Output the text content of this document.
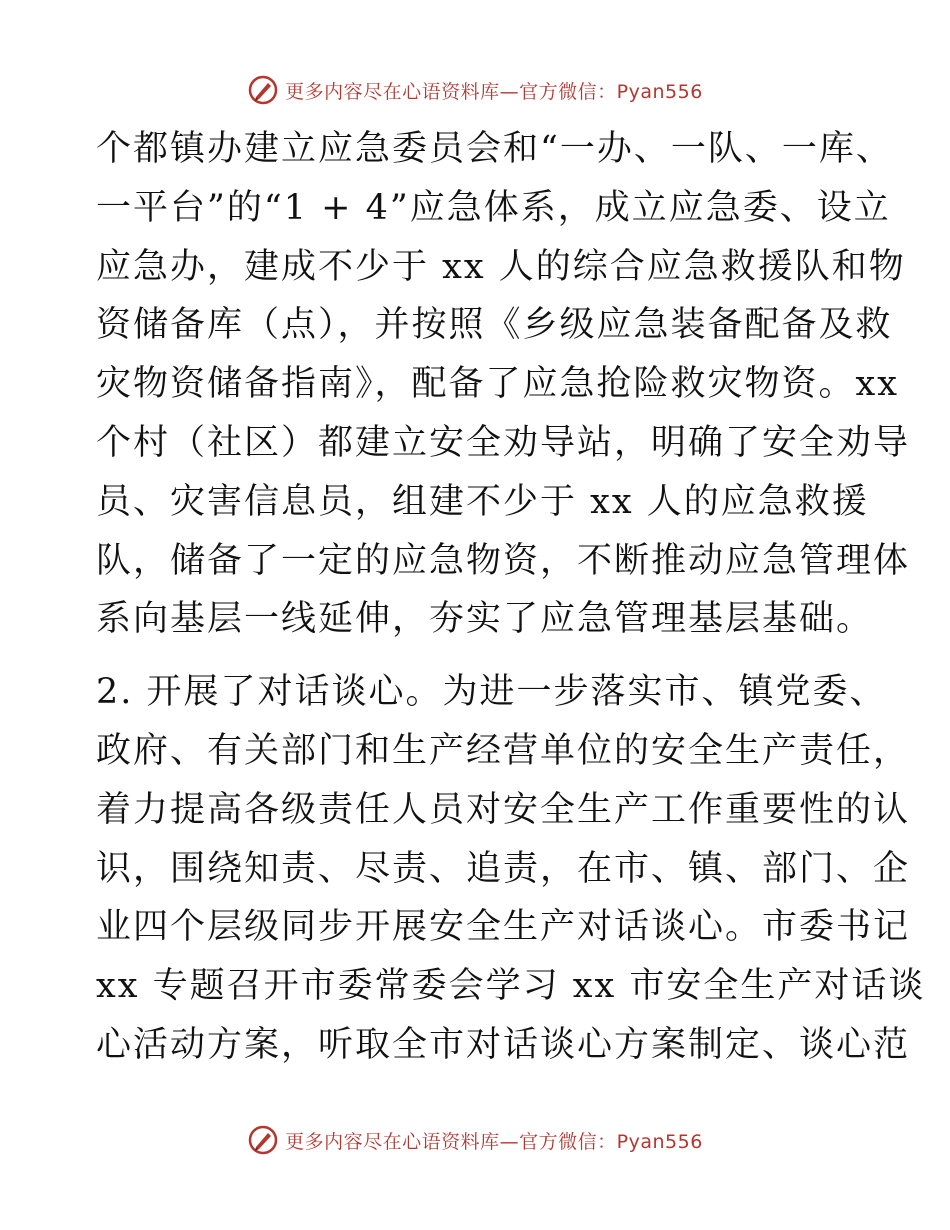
更多内容尽在心语资料库—官方微信：Pyan556
个都镇办建立应急委员会和“一办、一队、一库、
一平台”的“1 + 4”应急体系，成立应急委、设立
应急办，建成不少于 xx 人的综合应急救援队和物
资储备库（点），并按照《乡级应急装备配备及救
灾物资储备指南》，配备了应急抢险救灾物资。xx
个村（社区）都建立安全劝导站，明确了安全劝导
员、灾害信息员，组建不少于 xx 人的应急救援
队，储备了一定的应急物资，不断推动应急管理体
系向基层一线延伸，夯实了应急管理基层基础。
2. 开展了对话谈心。为进一步落实市、镇党委、
政府、有关部门和生产经营单位的安全生产责任，
着力提高各级责任人员对安全生产工作重要性的认
识，围绕知责、尽责、追责，在市、镇、部门、企
业四个层级同步开展安全生产对话谈心。市委书记
xx 专题召开市委常委会学习 xx 市安全生产对话谈
心活动方案，听取全市对话谈心方案制定、谈心范
更多内容尽在心语资料库—官方微信：Pyan556
